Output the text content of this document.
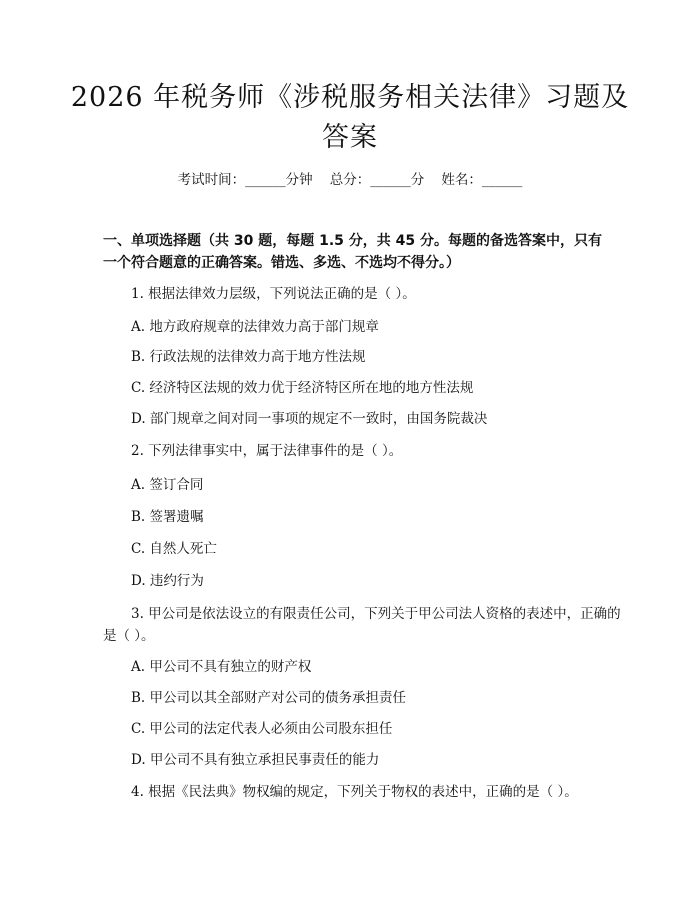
2026 年税务师《涉税服务相关法律》习题及答案
考试时间：______分钟    总分：______分    姓名：______
一、单项选择题（共 30 题，每题 1.5 分，共 45 分。每题的备选答案中，只有一个符合题意的正确答案。错选、多选、不选均不得分。）
1. 根据法律效力层级，下列说法正确的是（ ）。
A. 地方政府规章的法律效力高于部门规章
B. 行政法规的法律效力高于地方性法规
C. 经济特区法规的效力优于经济特区所在地的地方性法规
D. 部门规章之间对同一事项的规定不一致时，由国务院裁决
2. 下列法律事实中，属于法律事件的是（ ）。
A. 签订合同
B. 签署遗嘱
C. 自然人死亡
D. 违约行为
3. 甲公司是依法设立的有限责任公司，下列关于甲公司法人资格的表述中，正确的是（ ）。
A. 甲公司不具有独立的财产权
B. 甲公司以其全部财产对公司的债务承担责任
C. 甲公司的法定代表人必须由公司股东担任
D. 甲公司不具有独立承担民事责任的能力
4. 根据《民法典》物权编的规定，下列关于物权的表述中，正确的是（ ）。
